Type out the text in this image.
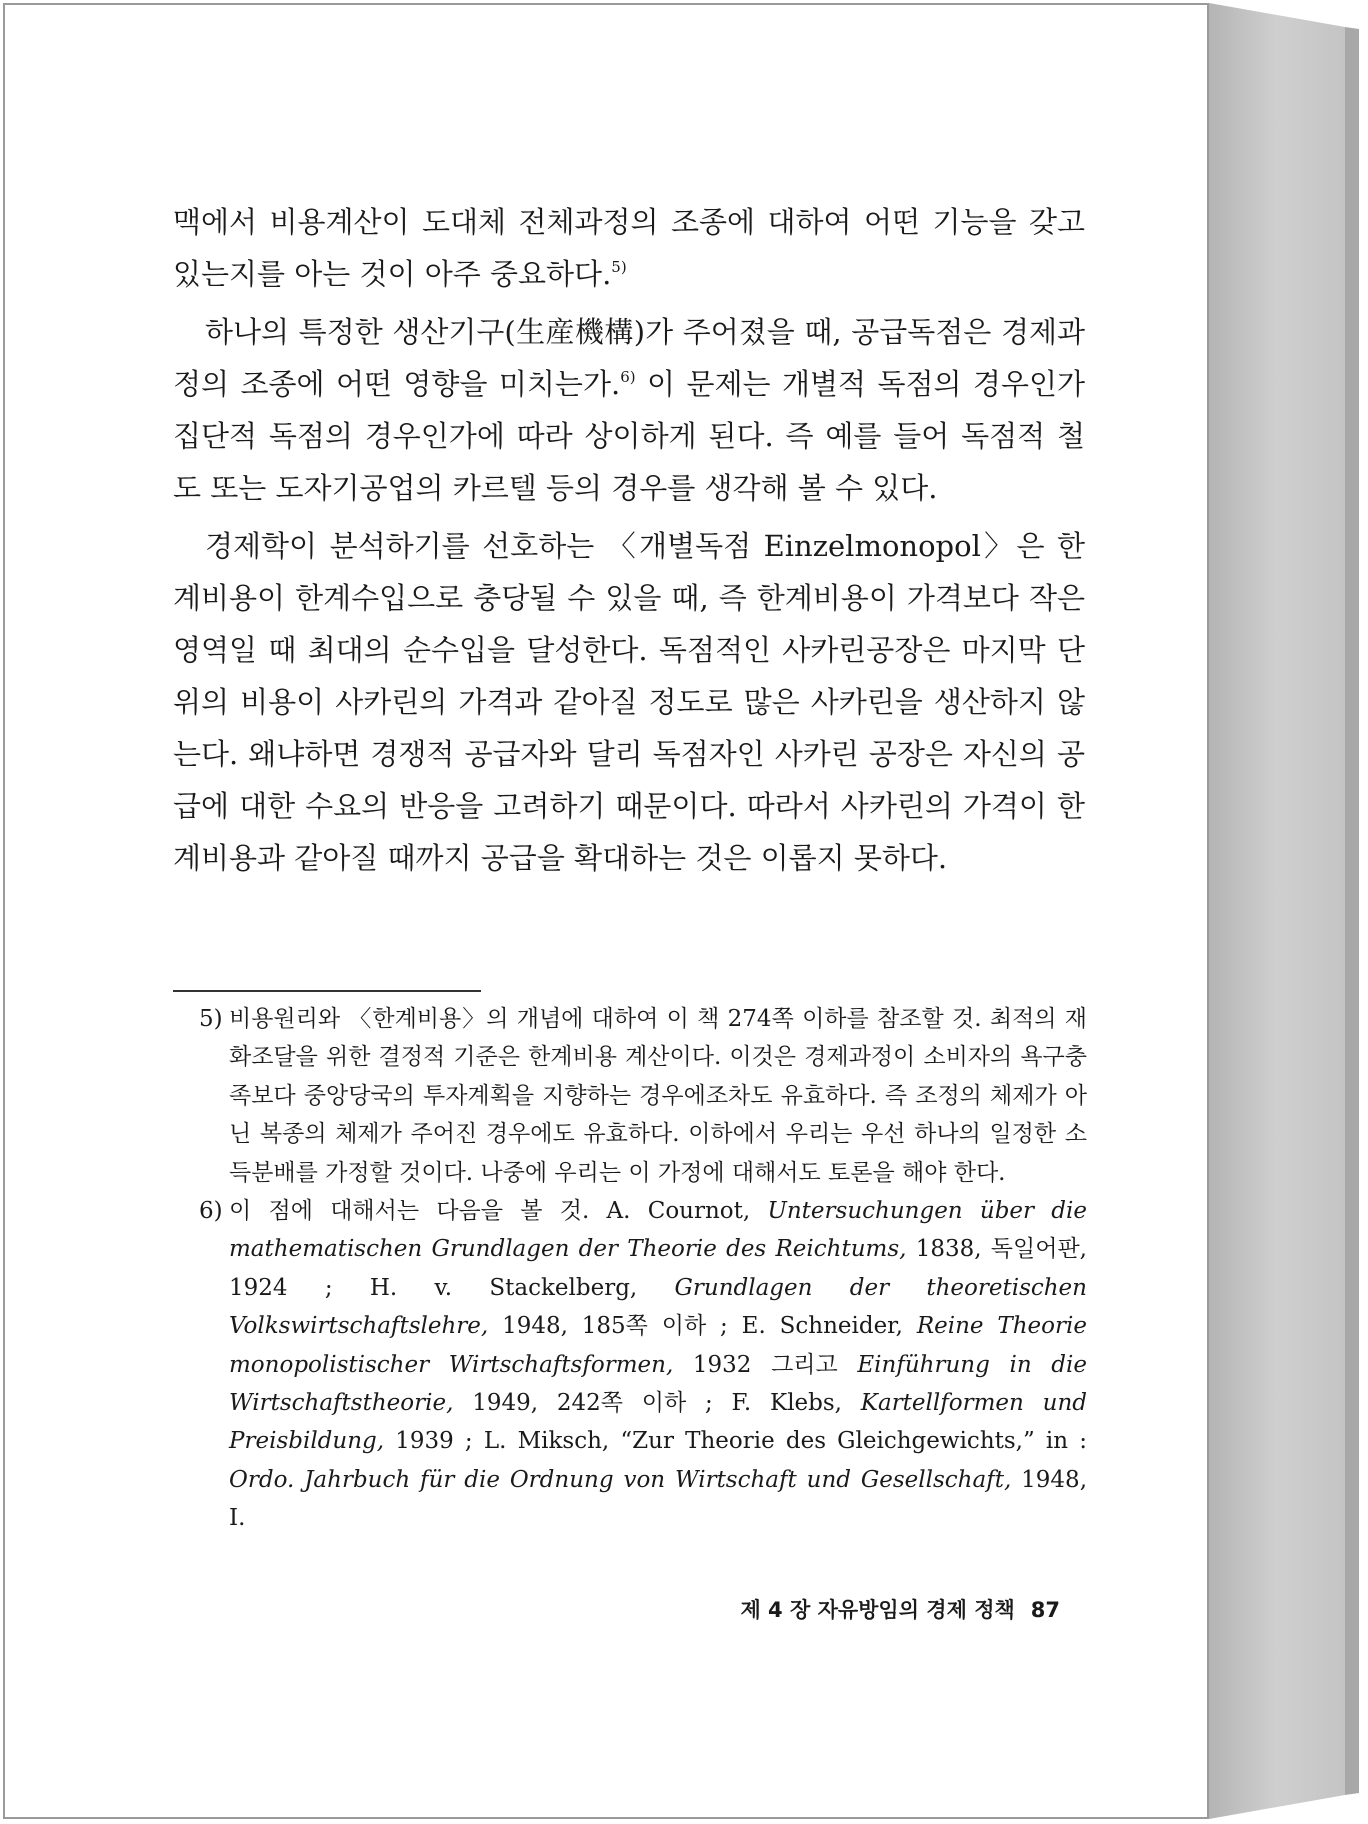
맥에서 비용계산이 도대체 전체과정의 조종에 대하여 어떤 기능을 갖고 있는지를 아는 것이 아주 중요하다.$^{5)}$

하나의 특정한 생산기구(生産機構)가 주어졌을 때, 공급독점은 경제과정의 조종에 어떤 영향을 미치는가.$^{6)}$ 이 문제는 개별적 독점의 경우인가 집단적 독점의 경우인가에 따라 상이하게 된다. 즉 예를 들어 독점적 철도 또는 도자기공업의 카르텔 등의 경우를 생각해 볼 수 있다.

경제학이 분석하기를 선호하는 〈개별독점 Einzelmonopol〉은 한계비용이 한계수입으로 충당될 수 있을 때, 즉 한계비용이 가격보다 작은 영역일 때 최대의 순수입을 달성한다. 독점적인 사카린공장은 마지막 단위의 비용이 사카린의 가격과 같아질 정도로 많은 사카린을 생산하지 않는다. 왜냐하면 경쟁적 공급자와 달리 독점자인 사카린 공장은 자신의 공급에 대한 수요의 반응을 고려하기 때문이다. 따라서 사카린의 가격이 한계비용과 같아질 때까지 공급을 확대하는 것은 이롭지 못하다.

5) 비용원리와 〈한계비용〉의 개념에 대하여 이 책 274쪽 이하를 참조할 것. 최적의 재화조달을 위한 결정적 기준은 한계비용 계산이다. 이것은 경제과정이 소비자의 욕구충족보다 중앙당국의 투자계획을 지향하는 경우에조차도 유효하다. 즉 조정의 체제가 아닌 복종의 체제가 주어진 경우에도 유효하다. 이하에서 우리는 우선 하나의 일정한 소득분배를 가정할 것이다. 나중에 우리는 이 가정에 대해서도 토론을 해야 한다.

6) 이 점에 대해서는 다음을 볼 것. A. Cournot, Untersuchungen über die mathematischen Grundlagen der Theorie des Reichtums, 1838, 독일어판, 1924 ; H. v. Stackelberg, Grundlagen der theoretischen Volkswirtschaftslehre, 1948, 185쪽 이하 ; E. Schneider, Reine Theorie monopolistischer Wirtschaftsformen, 1932 그리고 Einführung in die Wirtschaftstheorie, 1949, 242쪽 이하 ; F. Klebs, Kartellformen und Preisbildung, 1939 ; L. Miksch, “Zur Theorie des Gleichgewichts,” in : Ordo. Jahrbuch für die Ordnung von Wirtschaft und Gesellschaft, 1948, I.

제 4 장 자유방임의 경제 정책 87
